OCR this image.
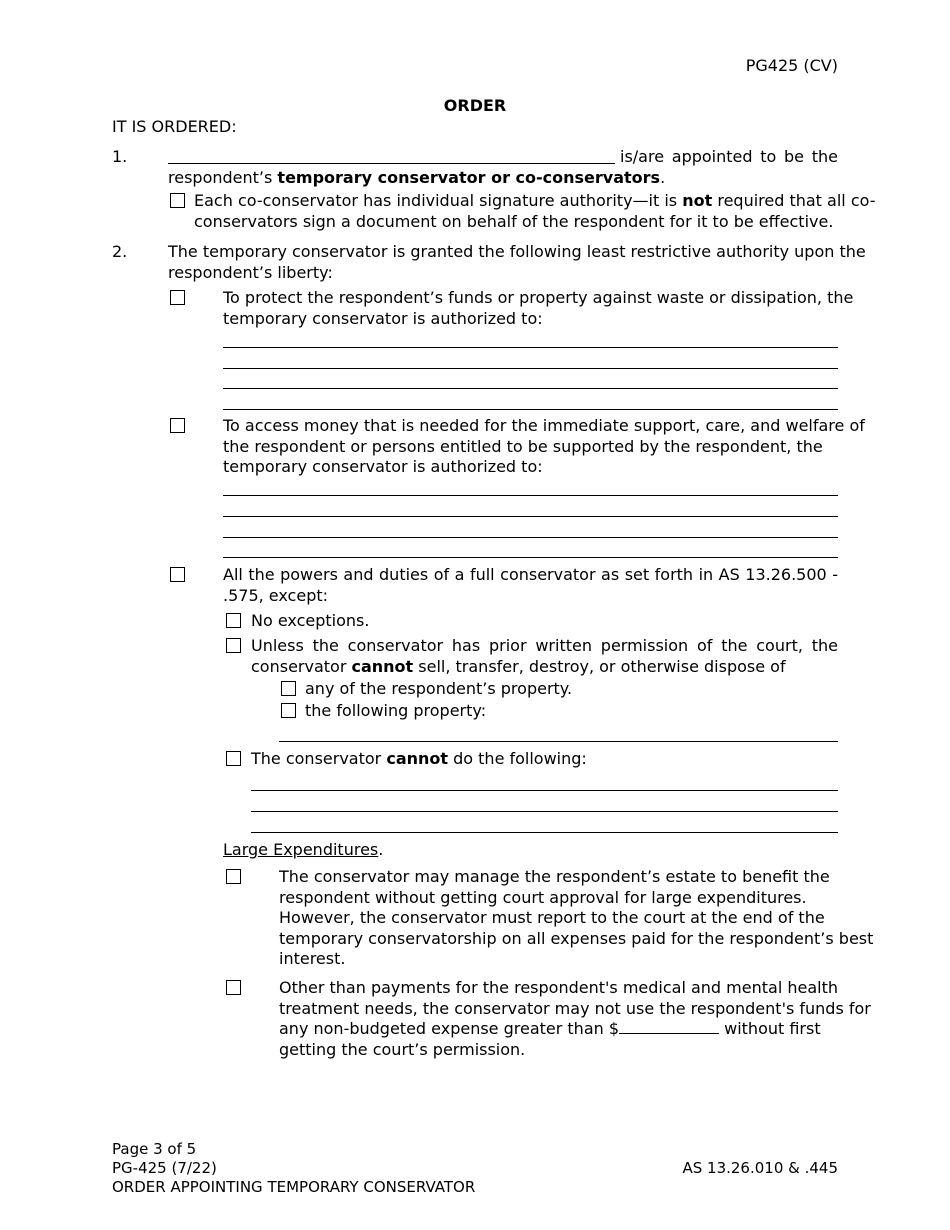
PG425 (CV)
ORDER
IT IS ORDERED:
1.	is/are appointed to be the
respondent’s temporary conservator or co-conservators.
Each co-conservator has individual signature authority—it is not required that all co-
conservators sign a document on behalf of the respondent for it to be effective.
2.	The temporary conservator is granted the following least restrictive authority upon the
respondent’s liberty:
To protect the respondent’s funds or property against waste or dissipation, the
temporary conservator is authorized to:
To access money that is needed for the immediate support, care, and welfare of
the respondent or persons entitled to be supported by the respondent, the
temporary conservator is authorized to:
All the powers and duties of a full conservator as set forth in AS 13.26.500 -
.575, except:
No exceptions.
Unless the conservator has prior written permission of the court, the
conservator cannot sell, transfer, destroy, or otherwise dispose of
any of the respondent’s property.
the following property:
The conservator cannot do the following:
Large Expenditures.
The conservator may manage the respondent’s estate to benefit the
respondent without getting court approval for large expenditures.
However, the conservator must report to the court at the end of the
temporary conservatorship on all expenses paid for the respondent’s best
interest.
Other than payments for the respondent's medical and mental health
treatment needs, the conservator may not use the respondent's funds for
any non-budgeted expense greater than $	without first
getting the court’s permission.
Page 3 of 5
PG-425 (7/22)
ORDER APPOINTING TEMPORARY CONSERVATOR
AS 13.26.010 & .445
